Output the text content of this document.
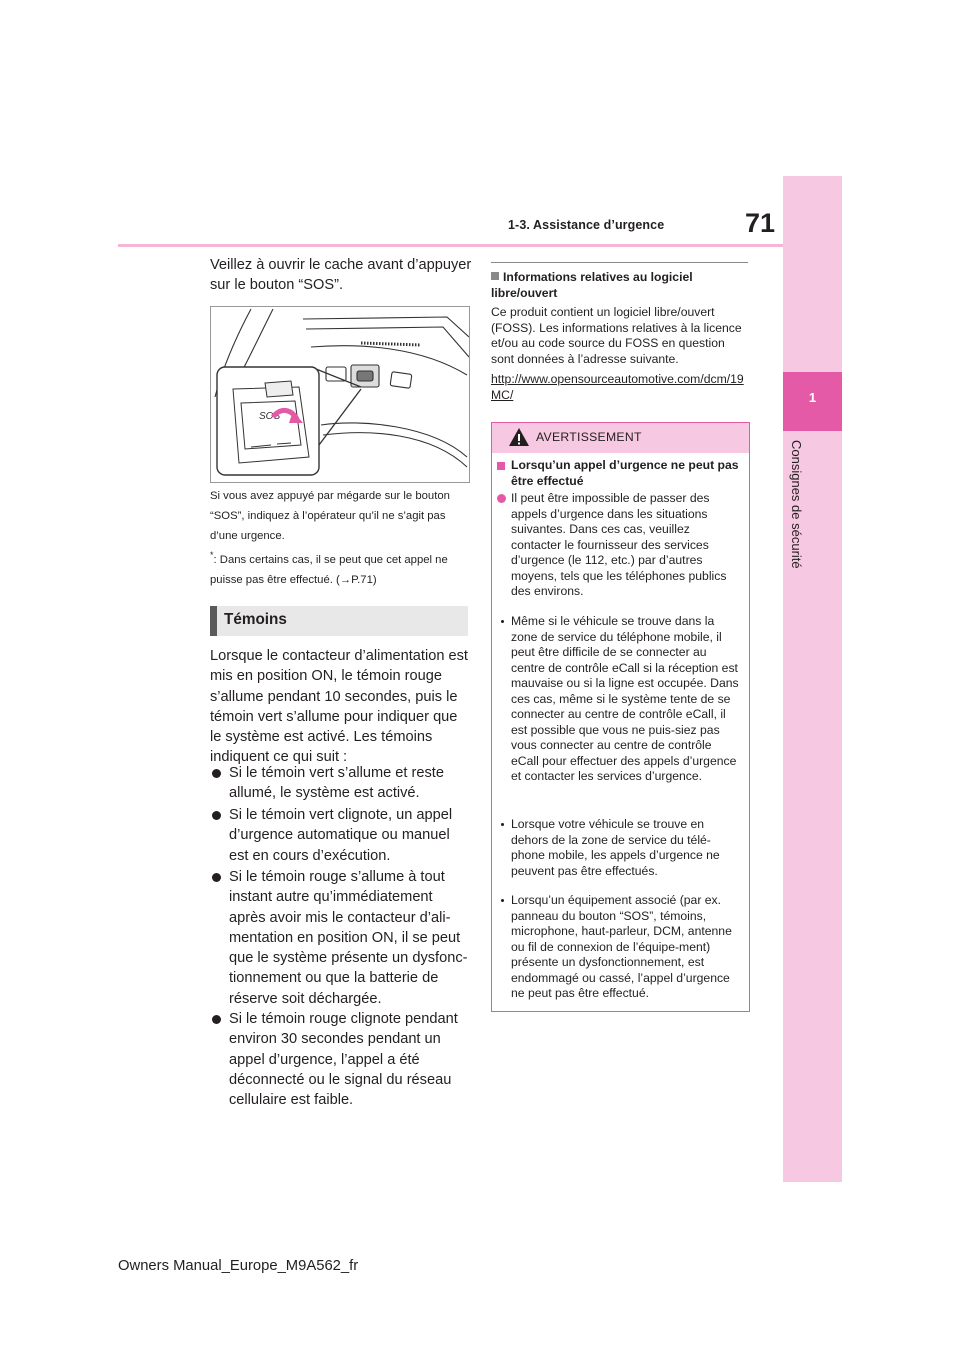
1-3. Assistance d’urgence	71
1
Consignes de sécurité
Veillez à ouvrir le cache avant d’appuyer sur le bouton “SOS”.
SOS
Si vous avez appuyé par mégarde sur le bouton “SOS”, indiquez à l’opérateur qu’il ne s’agit pas d’une urgence.
*: Dans certains cas, il se peut que cet appel ne puisse pas être effectué. (→P.71)
Témoins
Lorsque le contacteur d’alimentation est mis en position ON, le témoin rouge s’allume pendant 10 secondes, puis le témoin vert s’allume pour indiquer que le système est activé. Les témoins indiquent ce qui suit :
Si le témoin vert s’allume et reste allumé, le système est activé.
Si le témoin vert clignote, un appel d’urgence automatique ou manuel est en cours d’exécution.
Si le témoin rouge s’allume à tout instant autre qu’immédiatement après avoir mis le contacteur d’ali-mentation en position ON, il se peut que le système présente un dysfonc-tionnement ou que la batterie de réserve soit déchargée.
Si le témoin rouge clignote pendant environ 30 secondes pendant un appel d’urgence, l’appel a été déconnecté ou le signal du réseau cellulaire est faible.
Informations relatives au logiciel libre/ouvert
Ce produit contient un logiciel libre/ouvert (FOSS). Les informations relatives à la licence et/ou au code source du FOSS en question sont données à l’adresse suivante.
http://www.opensourceautomotive.com/dcm/19MC/
AVERTISSEMENT
Lorsqu’un appel d’urgence ne peut pas être effectué
Il peut être impossible de passer des appels d’urgence dans les situations suivantes. Dans ces cas, veuillez contacter le fournisseur des services d’urgence (le 112, etc.) par d’autres moyens, tels que les téléphones publics des environs.
Même si le véhicule se trouve dans la zone de service du téléphone mobile, il peut être difficile de se connecter au centre de contrôle eCall si la réception est mauvaise ou si la ligne est occupée. Dans ces cas, même si le système tente de se connecter au centre de contrôle eCall, il est possible que vous ne puis-siez pas vous connecter au centre de contrôle eCall pour effectuer des appels d’urgence et contacter les services d’urgence.
Lorsque votre véhicule se trouve en dehors de la zone de service du télé-phone mobile, les appels d’urgence ne peuvent pas être effectués.
Lorsqu’un équipement associé (par ex. panneau du bouton “SOS”, témoins, microphone, haut-parleur, DCM, antenne ou fil de connexion de l’équipe-ment) présente un dysfonctionnement, est endommagé ou cassé, l’appel d’urgence ne peut pas être effectué.
Owners Manual_Europe_M9A562_fr
